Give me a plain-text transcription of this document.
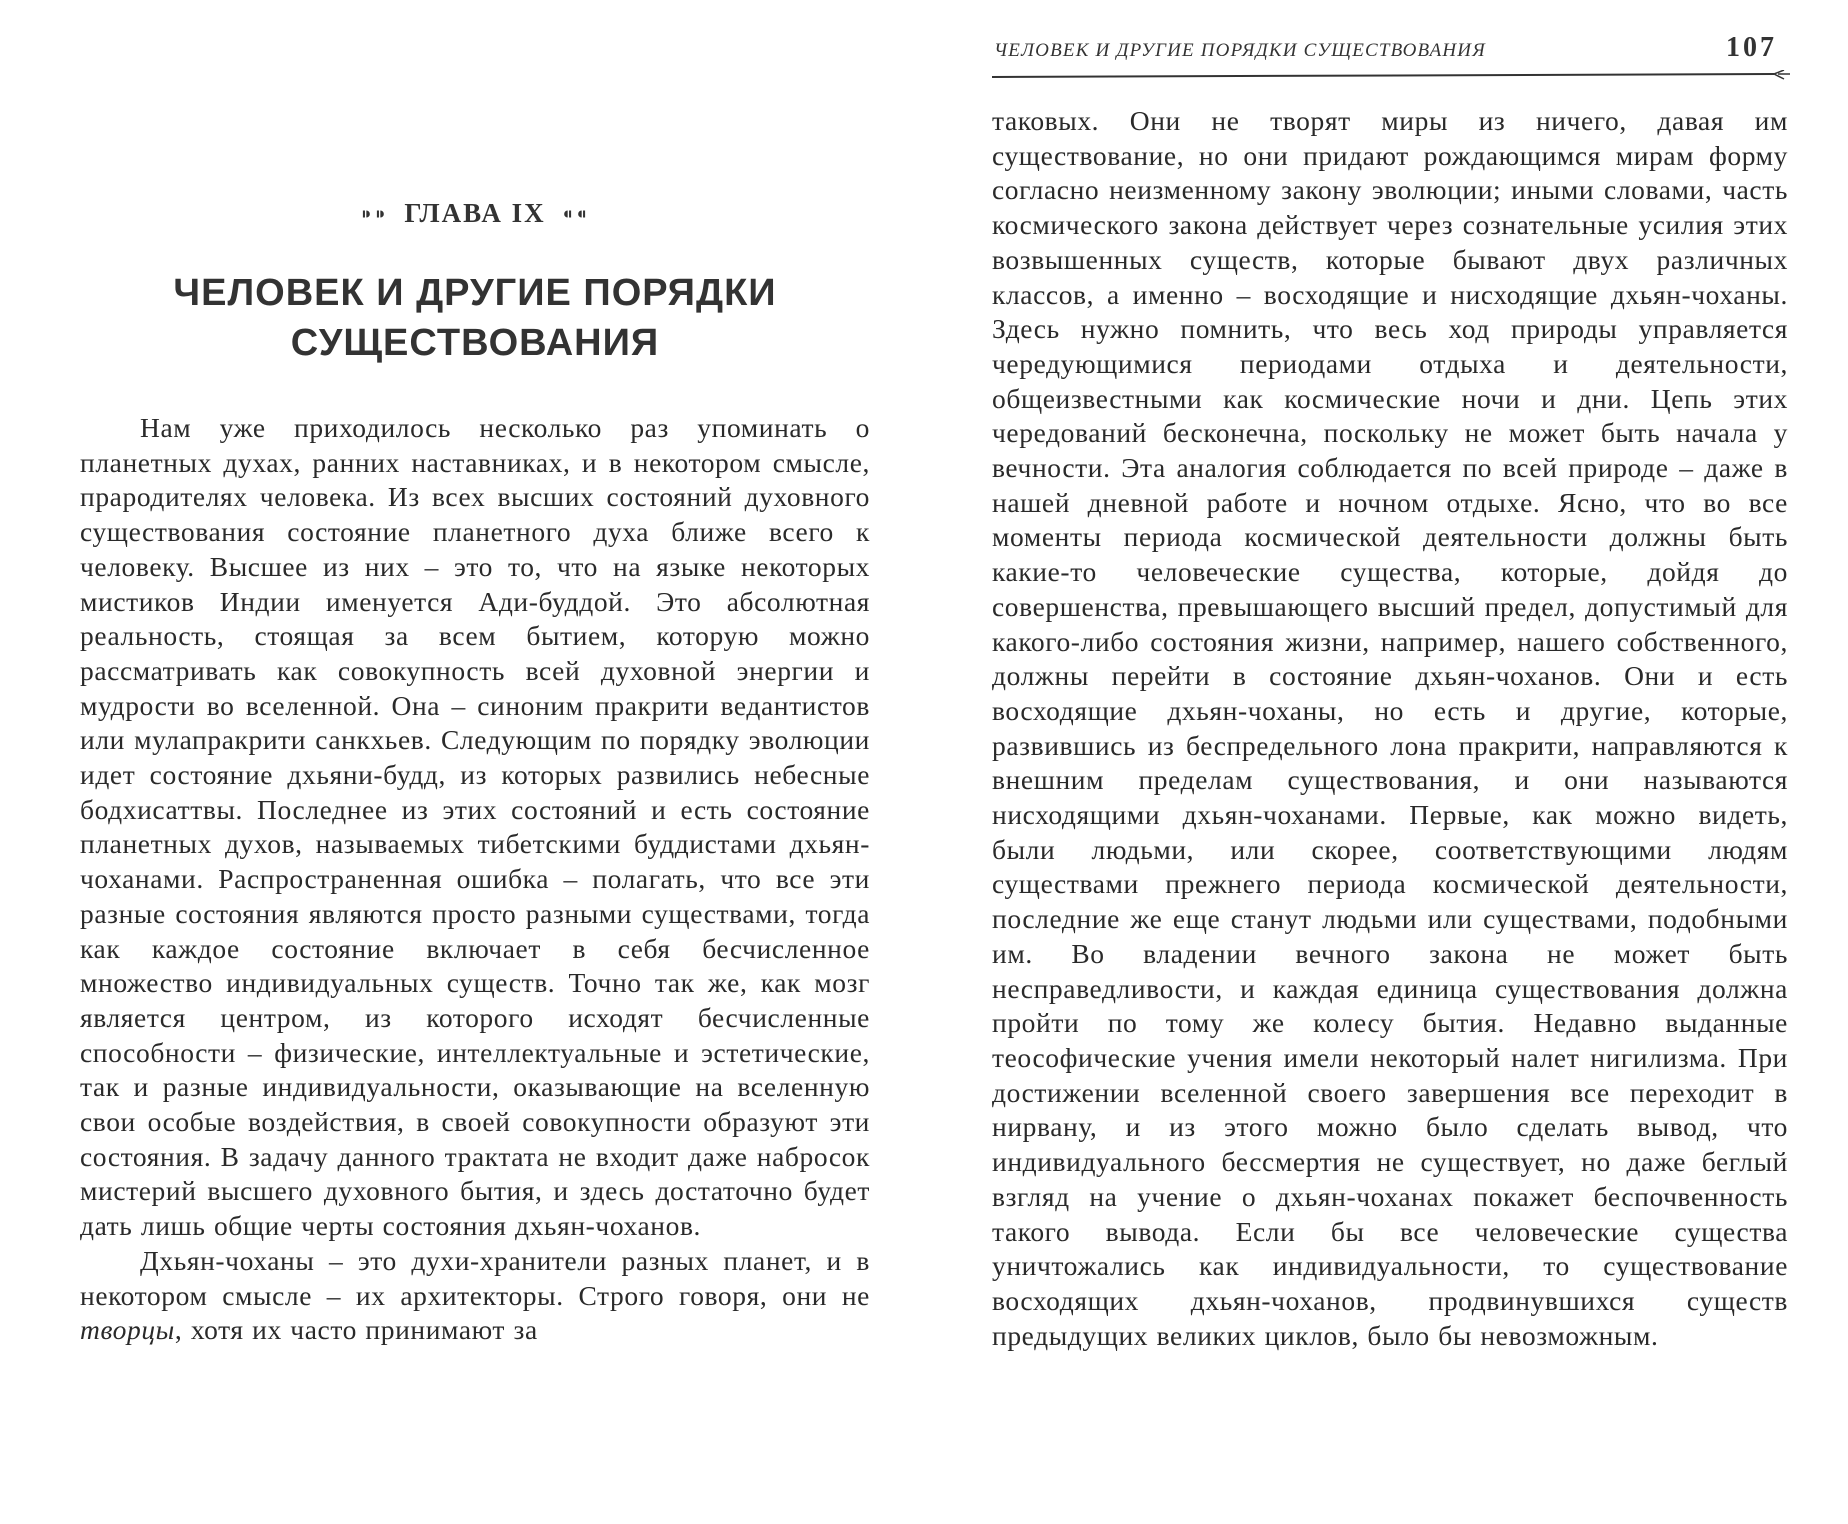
⁍⁍ ГЛАВА IX ⁌⁌
ЧЕЛОВЕК И ДРУГИЕ ПОРЯДКИ
СУЩЕСТВОВАНИЯ

Нам уже приходилось несколько раз упоминать о планетных духах, ранних наставниках, и в некотором смысле, прародителях человека. Из всех высших состояний духовного существования состояние планетного духа ближе всего к человеку. Высшее из них – это то, что на языке некоторых мистиков Индии именуется Ади-буддой. Это абсолютная реальность, стоящая за всем бытием, которую можно рассматривать как совокупность всей духовной энергии и мудрости во вселенной. Она – синоним пракрити ведантистов или мулапракрити санкхьев. Следующим по порядку эволюции идет состояние дхьяни-будд, из которых развились небесные бодхисаттвы. Последнее из этих состояний и есть состояние планетных духов, называемых тибетскими буддистами дхьян-чоханами. Распространенная ошибка – полагать, что все эти разные состояния являются просто разными существами, тогда как каждое состояние включает в себя бесчисленное множество индивидуальных существ. Точно так же, как мозг является центром, из которого исходят бесчисленные способности – физические, интеллектуальные и эстетические, так и разные индивидуальности, оказывающие на вселенную свои особые воздействия, в своей совокупности образуют эти состояния. В задачу данного трактата не входит даже набросок мистерий высшего духовного бытия, и здесь достаточно будет дать лишь общие черты состояния дхьян-чоханов.

Дхьян-чоханы – это духи-хранители разных планет, и в некотором смысле – их архитекторы. Строго говоря, они не творцы, хотя их часто принимают за

ЧЕЛОВЕК И ДРУГИЕ ПОРЯДКИ СУЩЕСТВОВАНИЯ	107

таковых. Они не творят миры из ничего, давая им существование, но они придают рождающимся мирам форму согласно неизменному закону эволюции; иными словами, часть космического закона действует через сознательные усилия этих возвышенных существ, которые бывают двух различных классов, а именно – восходящие и нисходящие дхьян-чоханы. Здесь нужно помнить, что весь ход природы управляется чередующимися периодами отдыха и деятельности, общеизвестными как космические ночи и дни. Цепь этих чередований бесконечна, поскольку не может быть начала у вечности. Эта аналогия соблюдается по всей природе – даже в нашей дневной работе и ночном отдыхе. Ясно, что во все моменты периода космической деятельности должны быть какие-то человеческие существа, которые, дойдя до совершенства, превышающего высший предел, допустимый для какого-либо состояния жизни, например, нашего собственного, должны перейти в состояние дхьян-чоханов. Они и есть восходящие дхьян-чоханы, но есть и другие, которые, развившись из беспредельного лона пракрити, направляются к внешним пределам существования, и они называются нисходящими дхьян-чоханами. Первые, как можно видеть, были людьми, или скорее, соответствующими людям существами прежнего периода космической деятельности, последние же еще станут людьми или существами, подобными им. Во владении вечного закона не может быть несправедливости, и каждая единица существования должна пройти по тому же колесу бытия. Недавно выданные теософические учения имели некоторый налет нигилизма. При достижении вселенной своего завершения все переходит в нирвану, и из этого можно было сделать вывод, что индивидуального бессмертия не существует, но даже беглый взгляд на учение о дхьян-чоханах покажет беспочвенность такого вывода. Если бы все человеческие существа уничтожались как индивидуальности, то существование восходящих дхьян-чоханов, продвинувшихся существ предыдущих великих циклов, было бы невозможным.
